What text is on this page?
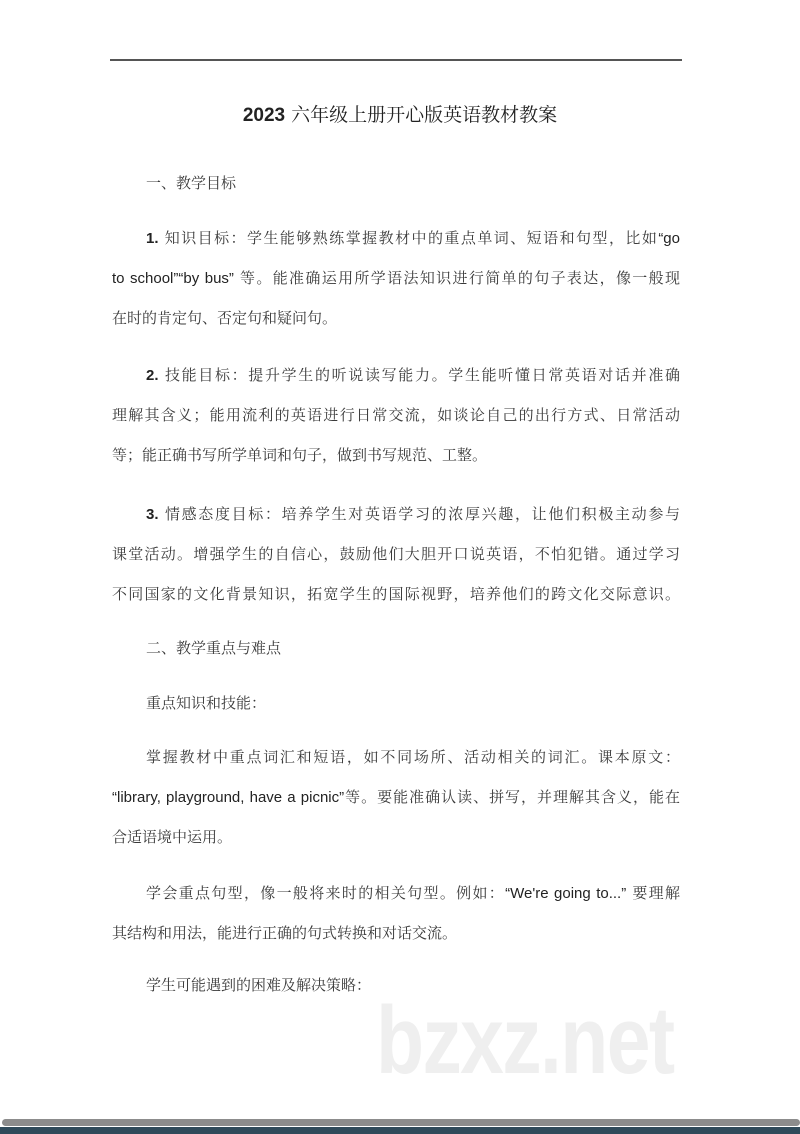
2023 六年级上册开心版英语教材教案
一、教学目标
1. 知识目标：学生能够熟练掌握教材中的重点单词、短语和句型，比如“go
to school”“by bus” 等。能准确运用所学语法知识进行简单的句子表达，像一般现
在时的肯定句、否定句和疑问句。
2. 技能目标：提升学生的听说读写能力。学生能听懂日常英语对话并准确
理解其含义；能用流利的英语进行日常交流，如谈论自己的出行方式、日常活动
等；能正确书写所学单词和句子，做到书写规范、工整。
3. 情感态度目标：培养学生对英语学习的浓厚兴趣，让他们积极主动参与
课堂活动。增强学生的自信心，鼓励他们大胆开口说英语，不怕犯错。通过学习
不同国家的文化背景知识，拓宽学生的国际视野，培养他们的跨文化交际意识。
二、教学重点与难点
重点知识和技能：
掌握教材中重点词汇和短语，如不同场所、活动相关的词汇。课本原文：
“library, playground, have a picnic”等。要能准确认读、拼写，并理解其含义，能在
合适语境中运用。
学会重点句型，像一般将来时的相关句型。例如：“We're going to...” 要理解
其结构和用法，能进行正确的句式转换和对话交流。
学生可能遇到的困难及解决策略：
bzxz.net
